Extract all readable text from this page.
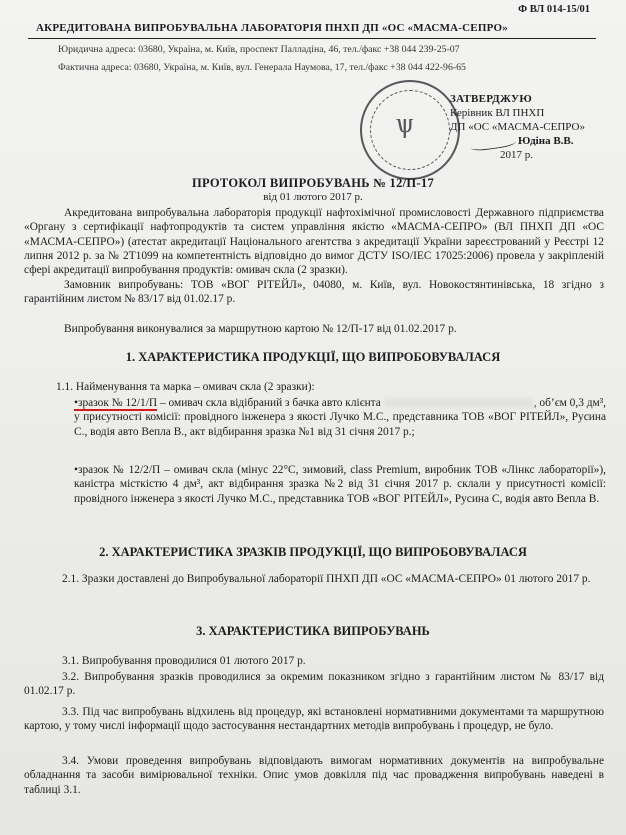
Ф ВЛ 014-15/01
АКРЕДИТОВАНА ВИПРОБУВАЛЬНА ЛАБОРАТОРІЯ ПНХП ДП «ОС «МАСМА-СЕПРО»
Юридична адреса: 03680, Україна, м. Київ, проспект Палладіна, 46, тел./факс +38 044 239-25-07
Фактична адреса: 03680, Україна, м. Київ, вул. Генерала Наумова, 17, тел./факс +38 044 422-96-65
ѱ
ЗАТВЕРДЖУЮ
Керівник ВЛ ПНХП
ДП «ОС «МАСМА-СЕПРО»
Юдіна В.В.
2017 р.
ПРОТОКОЛ ВИПРОБУВАНЬ № 12/П-17
від 01 лютого 2017 р.
Акредитована випробувальна лабораторія продукції нафтохімічної промисловості Державного підприємства «Органу з сертифікації нафтопродуктів та систем управління якістю «МАСМА-СЕПРО» (ВЛ ПНХП ДП «ОС «МАСМА-СЕПРО») (атестат акредитації Національного агентства з акредитації України зареєстрований у Реєстрі 12 липня 2012 р. за № 2Т1099 на компетентність відповідно до вимог ДСТУ ISO/IEC 17025:2006) провела у закріпленій сфері акредитації випробування продуктів: омивач скла (2 зразки).
Замовник випробувань: ТОВ «ВОГ РІТЕЙЛ», 04080, м. Київ, вул. Новокостянтинівська, 18 згідно з гарантійним листом № 83/17 від 01.02.17 р.
Випробування виконувалися за маршрутною картою № 12/П-17 від 01.02.2017 р.
1. ХАРАКТЕРИСТИКА ПРОДУКЦІЇ, ЩО ВИПРОБОВУВАЛАСЯ
1.1. Найменування та марка – омивач скла (2 зразки):
•зразок № 12/1/П – омивач скла відібраний з бачка авто клієнта	, об’єм 0,3 дм³, у присутності комісії: провідного інженера з якості Лучко М.С., представника ТОВ «ВОГ РІТЕЙЛ», Русина С., водія авто Вепла В., акт відбирання зразка №1 від 31 січня 2017 р.;
•зразок № 12/2/П – омивач скла (мінус 22°C, зимовий, class Premium, виробник ТОВ «Лінкс лабораторії»), каністра місткістю 4 дм³, акт відбирання зразка №2 від 31 січня 2017 р. склали у присутності комісії: провідного інженера з якості Лучко М.С., представника ТОВ «ВОГ РІТЕЙЛ», Русина С, водія авто Вепла В.
2. ХАРАКТЕРИСТИКА ЗРАЗКІВ ПРОДУКЦІЇ, ЩО ВИПРОБОВУВАЛАСЯ
2.1. Зразки доставлені до Випробувальної лабораторії ПНХП ДП «ОС «МАСМА-СЕПРО» 01 лютого 2017 р.
3. ХАРАКТЕРИСТИКА ВИПРОБУВАНЬ
3.1. Випробування проводилися 01 лютого 2017 р.
3.2. Випробування зразків проводилися за окремим показником згідно з гарантійним листом № 83/17 від 01.02.17 р.
3.3. Під час випробувань відхилень від процедур, які встановлені нормативними документами та маршрутною картою, у тому числі інформації щодо застосування нестандартних методів випробувань і процедур, не було.
3.4. Умови проведення випробувань відповідають вимогам нормативних документів на випробувальне обладнання та засоби вимірювальної техніки. Опис умов довкілля під час провадження випробувань наведені в таблиці 3.1.
